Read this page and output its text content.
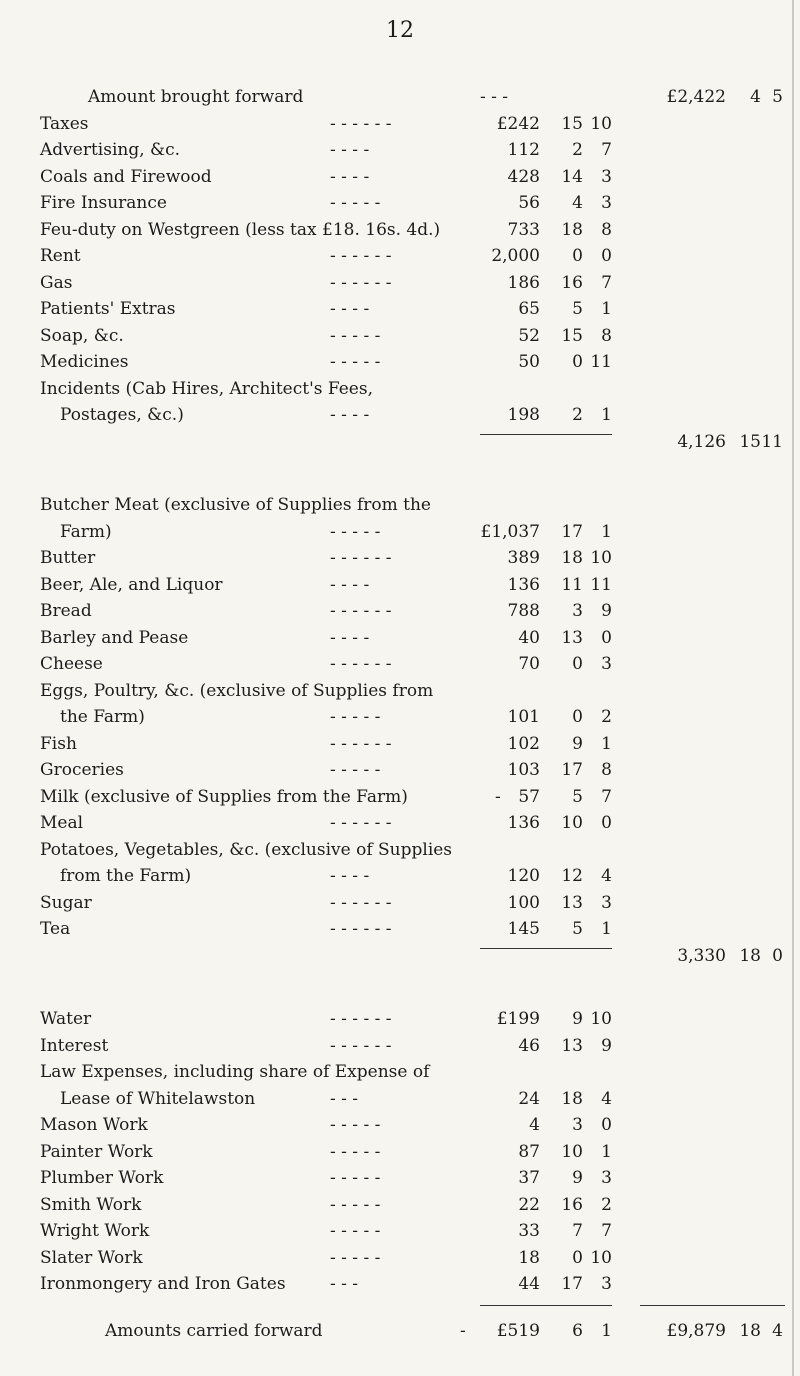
12
Amount brought forward	- - -	£2,422 4 5
Taxes	- - - - - -	£242 15 10
Advertising, &c.	- - - -	112 2 7
Coals and Firewood	- - - -	428 14 3
Fire Insurance	- - - - -	56 4 3
Feu-duty on Westgreen (less tax £18. 16s. 4d.)	733 18 8
Rent	- - - - - -	2,000 0 0
Gas	- - - - - -	186 16 7
Patients' Extras	- - - -	65 5 1
Soap, &c.	- - - - -	52 15 8
Medicines	- - - - -	50 0 11
Incidents (Cab Hires, Architect's Fees,
Postages, &c.)	- - - -	198 2 1
4,126 15 11
Butcher Meat (exclusive of Supplies from the
Farm)	- - - - -	£1,037 17 1
Butter	- - - - - -	389 18 10
Beer, Ale, and Liquor	- - - -	136 11 11
Bread	- - - - - -	788 3 9
Barley and Pease	- - - -	40 13 0
Cheese	- - - - - -	70 0 3
Eggs, Poultry, &c. (exclusive of Supplies from
the Farm)	- - - - -	101 0 2
Fish	- - - - - -	102 9 1
Groceries	- - - - -	103 17 8
Milk (exclusive of Supplies from the Farm)	- 57 5 7
Meal	- - - - - -	136 10 0
Potatoes, Vegetables, &c. (exclusive of Supplies
from the Farm)	- - - -	120 12 4
Sugar	- - - - - -	100 13 3
Tea	- - - - - -	145 5 1
3,330 18 0
Water	- - - - - -	£199 9 10
Interest	- - - - - -	46 13 9
Law Expenses, including share of Expense of
Lease of Whitelawston	- - -	24 18 4
Mason Work	- - - - -	4 3 0
Painter Work	- - - - -	87 10 1
Plumber Work	- - - - -	37 9 3
Smith Work	- - - - -	22 16 2
Wright Work	- - - - -	33 7 7
Slater Work	- - - - -	18 0 10
Ironmongery and Iron Gates	- - -	44 17 3
Amounts carried forward	- £519 6 1	£9,879 18 4
